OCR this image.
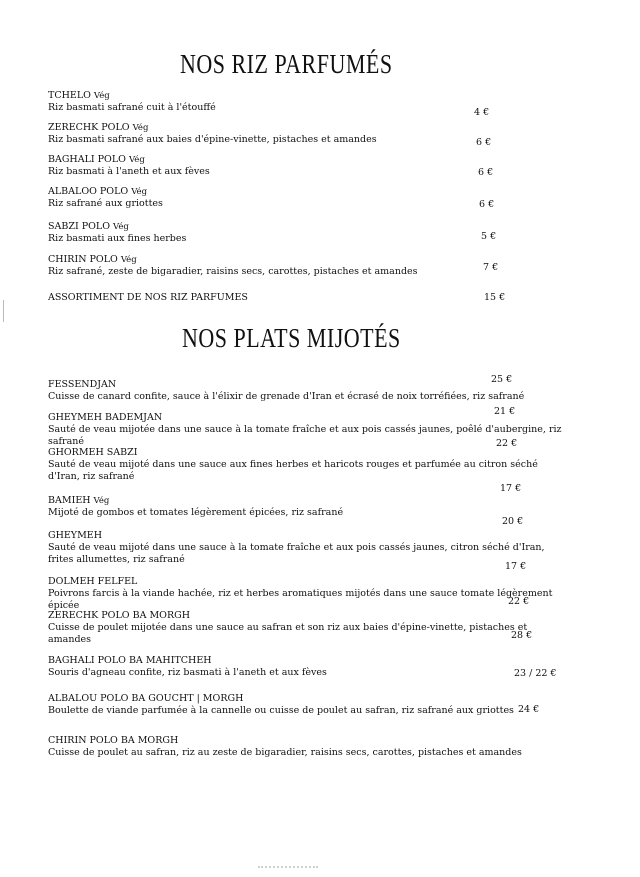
NOS RIZ PARFUMÉS
TCHELO Vég
Riz basmati safrané cuit à l'étouffé	4 €
ZERECHK POLO Vég
Riz basmati safrané aux baies d'épine-vinette, pistaches et amandes	6 €
BAGHALI POLO Vég
Riz basmati à l'aneth et aux fèves	6 €
ALBALOO POLO Vég
Riz safrané aux griottes	6 €
SABZI POLO Vég
Riz basmati aux fines herbes	5 €
CHIRIN POLO Vég
Riz safrané, zeste de bigaradier, raisins secs, carottes, pistaches et amandes	7 €
ASSORTIMENT DE NOS RIZ PARFUMES	15 €
NOS PLATS MIJOTÉS
FESSENDJAN
Cuisse de canard confite, sauce à l'élixir de grenade d'Iran et écrasé de noix torréfiées, riz safrané
25 €
GHEYMEH BADEMJAN
Sauté de veau mijotée dans une sauce à la tomate fraîche et aux pois cassés jaunes, poêlé d'aubergine, riz safrané
21 €
GHORMEH SABZI
Sauté de veau mijoté dans une sauce aux fines herbes et haricots rouges et parfumée au citron séché d'Iran, riz safrané
22 €
BAMIEH Vég
Mijoté de gombos et tomates légèrement épicées, riz safrané
17 €
GHEYMEH
Sauté de veau mijoté dans une sauce à la tomate fraîche et aux pois cassés jaunes, citron séché d'Iran, frites allumettes, riz safrané
20 €
DOLMEH FELFEL
Poivrons farcis à la viande hachée, riz et herbes aromatiques mijotés dans une sauce tomate légèrement épicée
17 €
ZERECHK POLO BA MORGH
Cuisse de poulet mijotée dans une sauce au safran et son riz aux baies d'épine-vinette, pistaches et amandes
22 €
BAGHALI POLO BA MAHITCHEH
Souris d'agneau confite, riz basmati à l'aneth et aux fèves
28 €
ALBALOU POLO BA GOUCHT | MORGH
Boulette de viande parfumée à la cannelle ou cuisse de poulet au safran, riz safrané aux griottes
23 / 22 €
CHIRIN POLO BA MORGH
Cuisse de poulet au safran, riz au zeste de bigaradier, raisins secs, carottes, pistaches et amandes
24 €
